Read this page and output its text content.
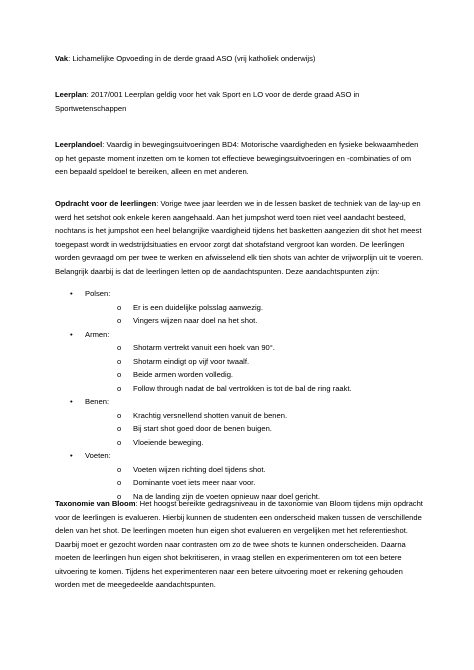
Vak: Lichamelijke Opvoeding in de derde graad ASO (vrij katholiek onderwijs)
Leerplan: 2017/001 Leerplan geldig voor het vak Sport en LO voor de derde graad ASO in Sportwetenschappen
Leerplandoel: Vaardig in bewegingsuitvoeringen BD4: Motorische vaardigheden en fysieke bekwaamheden op het gepaste moment inzetten om te komen tot effectieve bewegingsuitvoeringen en -combinaties of om een bepaald speldoel te bereiken, alleen en met anderen.
Opdracht voor de leerlingen: Vorige twee jaar leerden we in de lessen basket de techniek van de lay-up en werd het setshot ook enkele keren aangehaald. Aan het jumpshot werd toen niet veel aandacht besteed, nochtans is het jumpshot een heel belangrijke vaardigheid tijdens het basketten aangezien dit shot het meest toegepast wordt in wedstrijdsituaties en ervoor zorgt dat shotafstand vergroot kan worden. De leerlingen worden gevraagd om per twee te werken en afwisselend elk tien shots van achter de vrijworplijn uit te voeren. Belangrijk daarbij is dat de leerlingen letten op de aandachtspunten. Deze aandachtspunten zijn:
• Polsen:
o Er is een duidelijke polsslag aanwezig.
o Vingers wijzen naar doel na het shot.
• Armen:
o Shotarm vertrekt vanuit een hoek van 90°.
o Shotarm eindigt op vijf voor twaalf.
o Beide armen worden volledig.
o Follow through nadat de bal vertrokken is tot de bal de ring raakt.
• Benen:
o Krachtig versnellend shotten vanuit de benen.
o Bij start shot goed door de benen buigen.
o Vloeiende beweging.
• Voeten:
o Voeten wijzen richting doel tijdens shot.
o Dominante voet iets meer naar voor.
o Na de landing zijn de voeten opnieuw naar doel gericht.
Taxonomie van Bloom: Het hoogst bereikte gedragsniveau in de taxonomie van Bloom tijdens mijn opdracht voor de leerlingen is evalueren. Hierbij kunnen de studenten een onderscheid maken tussen de verschillende delen van het shot. De leerlingen moeten hun eigen shot evalueren en vergelijken met het referentieshot. Daarbij moet er gezocht worden naar contrasten om zo de twee shots te kunnen onderscheiden. Daarna moeten de leerlingen hun eigen shot bekritiseren, in vraag stellen en experimenteren om tot een betere uitvoering te komen. Tijdens het experimenteren naar een betere uitvoering moet er rekening gehouden worden met de meegedeelde aandachtspunten.
